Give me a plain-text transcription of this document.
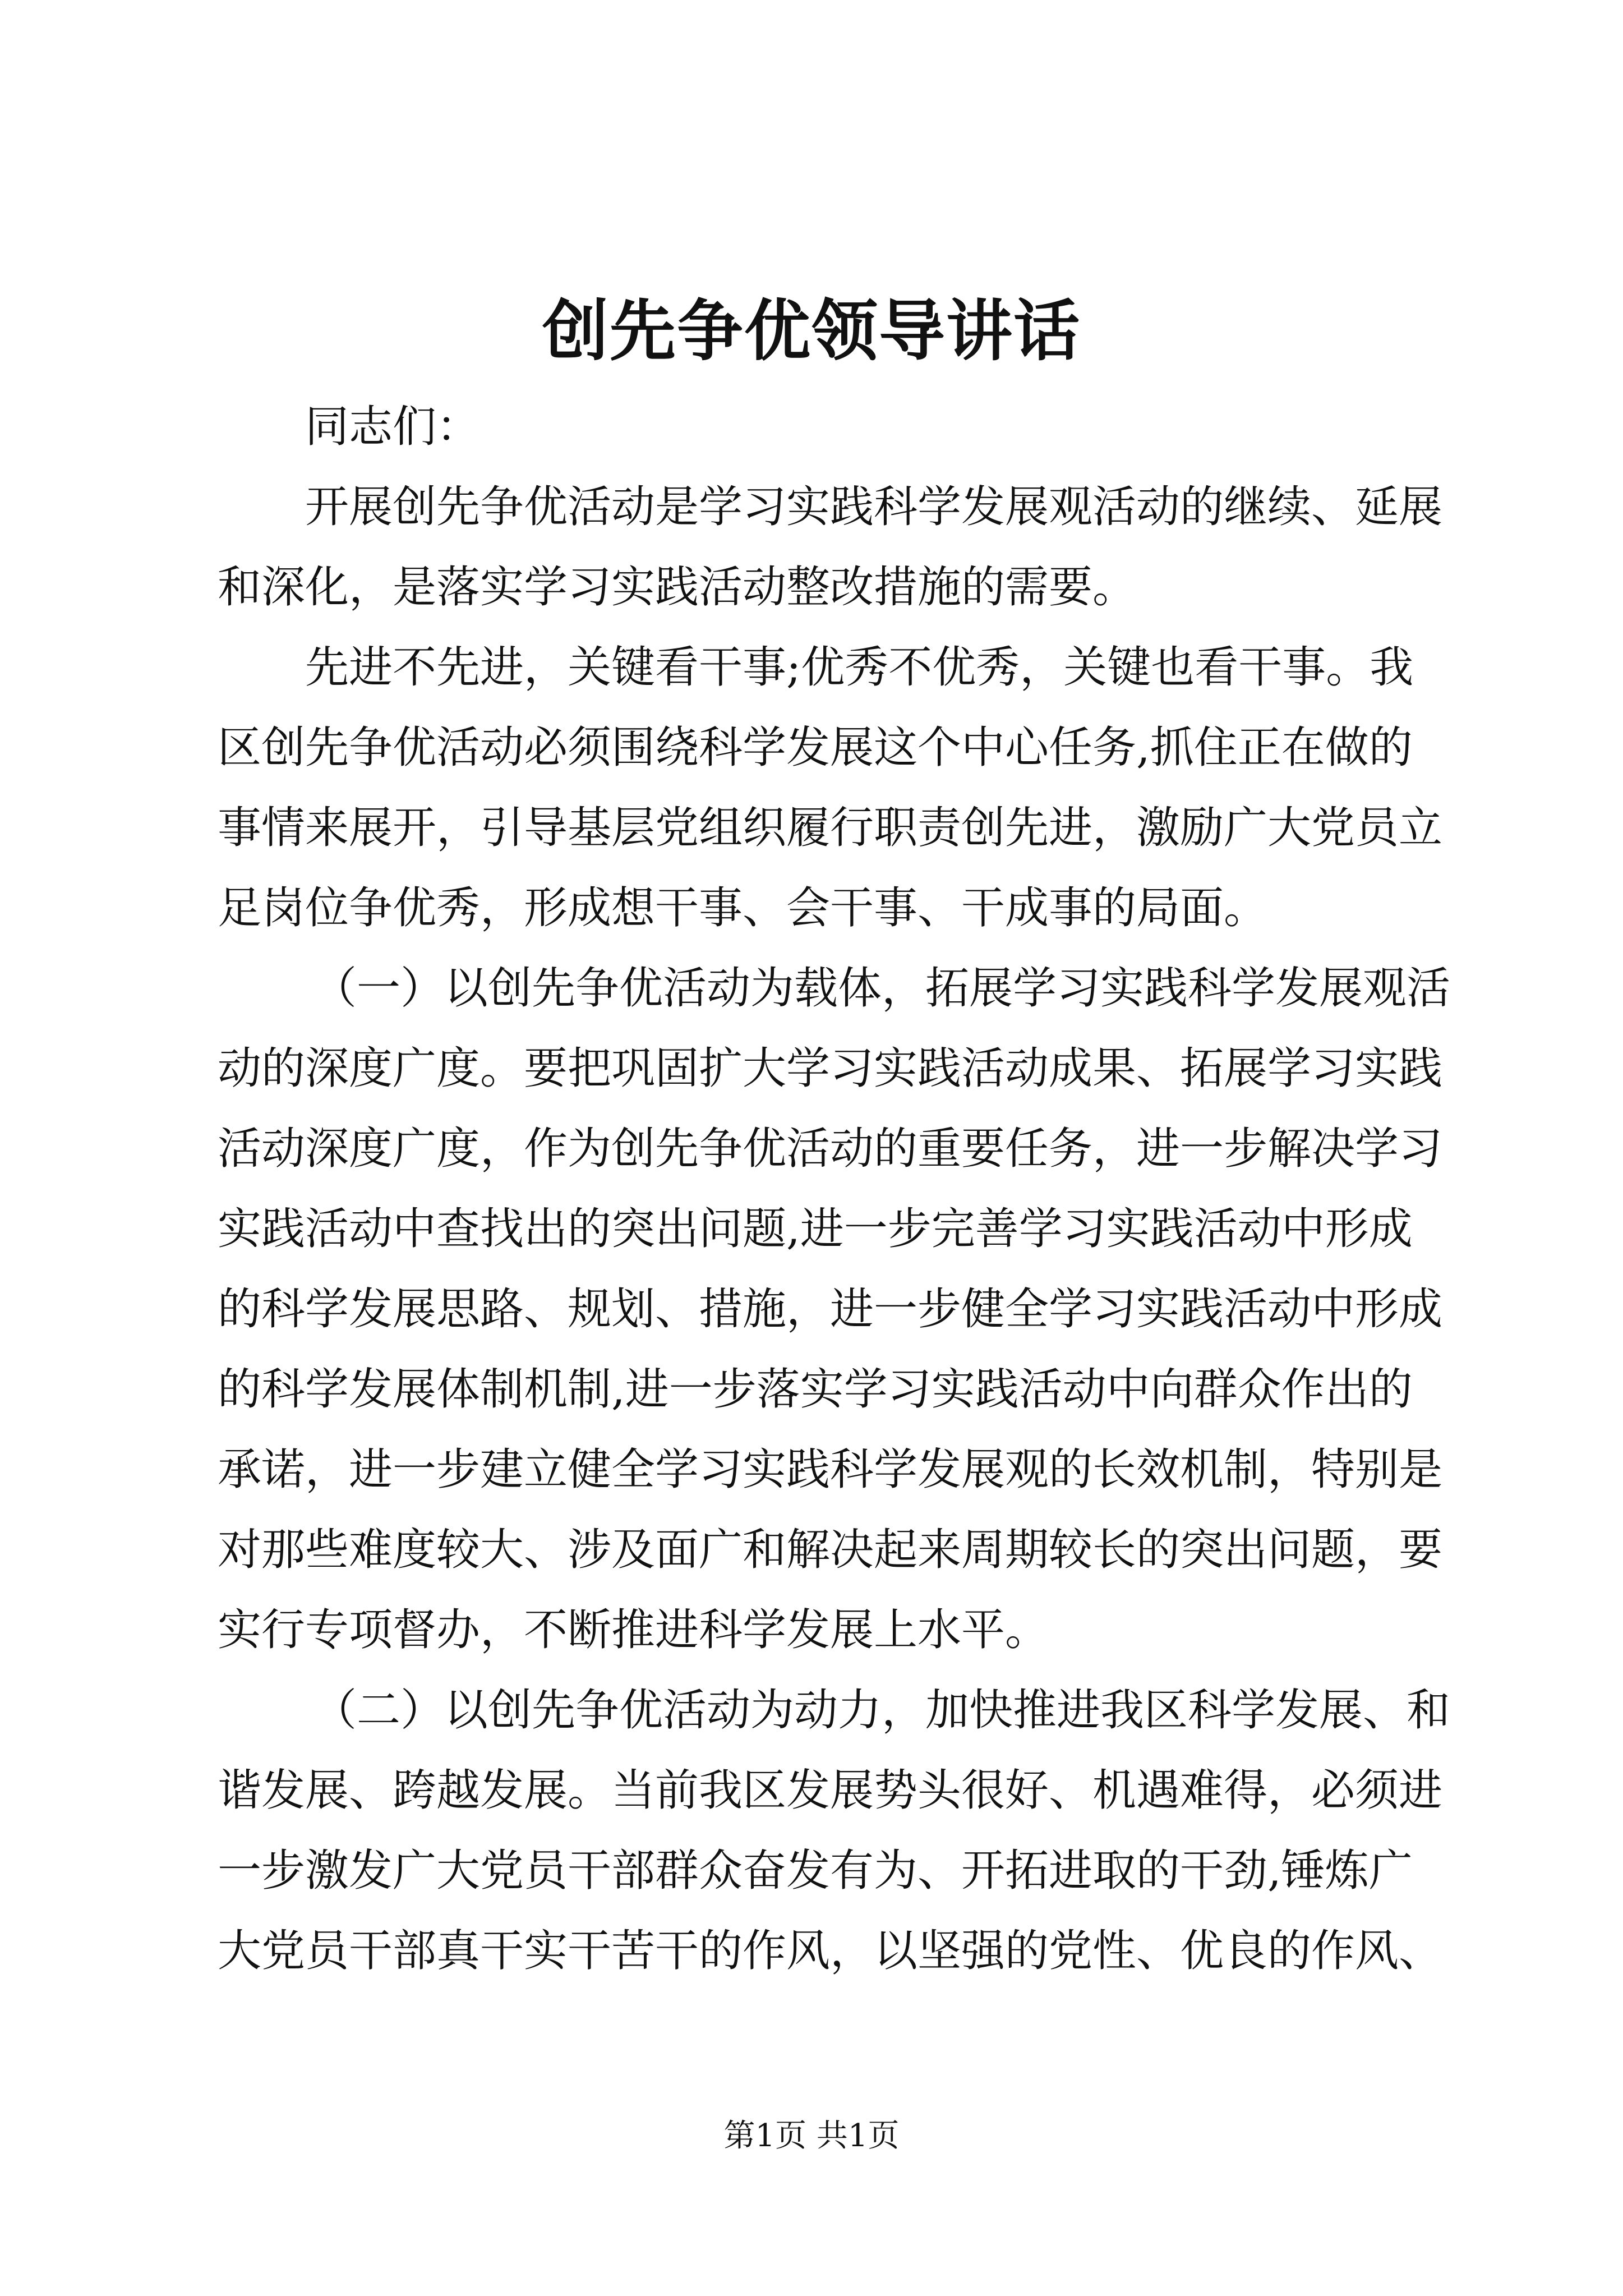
创先争优领导讲话
同志们：
开展创先争优活动是学习实践科学发展观活动的继续、延展
和深化，是落实学习实践活动整改措施的需要。
先进不先进，关键看干事;优秀不优秀，关键也看干事。我
区创先争优活动必须围绕科学发展这个中心任务,抓住正在做的
事情来展开，引导基层党组织履行职责创先进，激励广大党员立
足岗位争优秀，形成想干事、会干事、干成事的局面。
（一）以创先争优活动为载体，拓展学习实践科学发展观活
动的深度广度。要把巩固扩大学习实践活动成果、拓展学习实践
活动深度广度，作为创先争优活动的重要任务，进一步解决学习
实践活动中查找出的突出问题,进一步完善学习实践活动中形成
的科学发展思路、规划、措施，进一步健全学习实践活动中形成
的科学发展体制机制,进一步落实学习实践活动中向群众作出的
承诺，进一步建立健全学习实践科学发展观的长效机制，特别是
对那些难度较大、涉及面广和解决起来周期较长的突出问题，要
实行专项督办，不断推进科学发展上水平。
（二）以创先争优活动为动力，加快推进我区科学发展、和
谐发展、跨越发展。当前我区发展势头很好、机遇难得，必须进
一步激发广大党员干部群众奋发有为、开拓进取的干劲,锤炼广
大党员干部真干实干苦干的作风，以坚强的党性、优良的作风、
第1页 共1页
